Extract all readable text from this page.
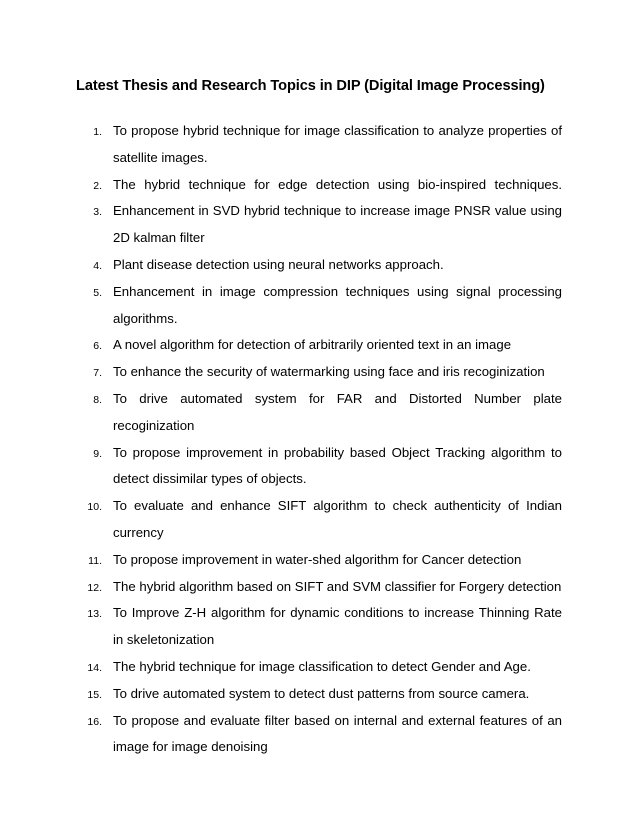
Latest Thesis and Research Topics in DIP (Digital Image Processing)
1. To propose hybrid technique for image classification to analyze properties of satellite images.
2. The hybrid technique for edge detection using bio-inspired techniques.
3. Enhancement in SVD hybrid technique to increase image PNSR value using 2D kalman filter
4. Plant disease detection using neural networks approach.
5. Enhancement in image compression techniques using signal processing algorithms.
6. A novel algorithm for detection of arbitrarily oriented text in an image
7. To enhance the security of watermarking using face and iris recoginization
8. To drive automated system for FAR and Distorted Number plate recoginization
9. To propose improvement in probability based Object Tracking algorithm to detect dissimilar types of objects.
10. To evaluate and enhance SIFT algorithm to check authenticity of Indian currency
11. To propose improvement in water-shed algorithm for Cancer detection
12. The hybrid algorithm based on SIFT and SVM classifier for Forgery detection
13. To Improve Z-H algorithm for dynamic conditions to increase Thinning Rate in skeletonization
14. The hybrid technique for image classification to detect Gender and Age.
15. To drive automated system to detect dust patterns from source camera.
16. To propose and evaluate filter based on internal and external features of an image for image denoising
